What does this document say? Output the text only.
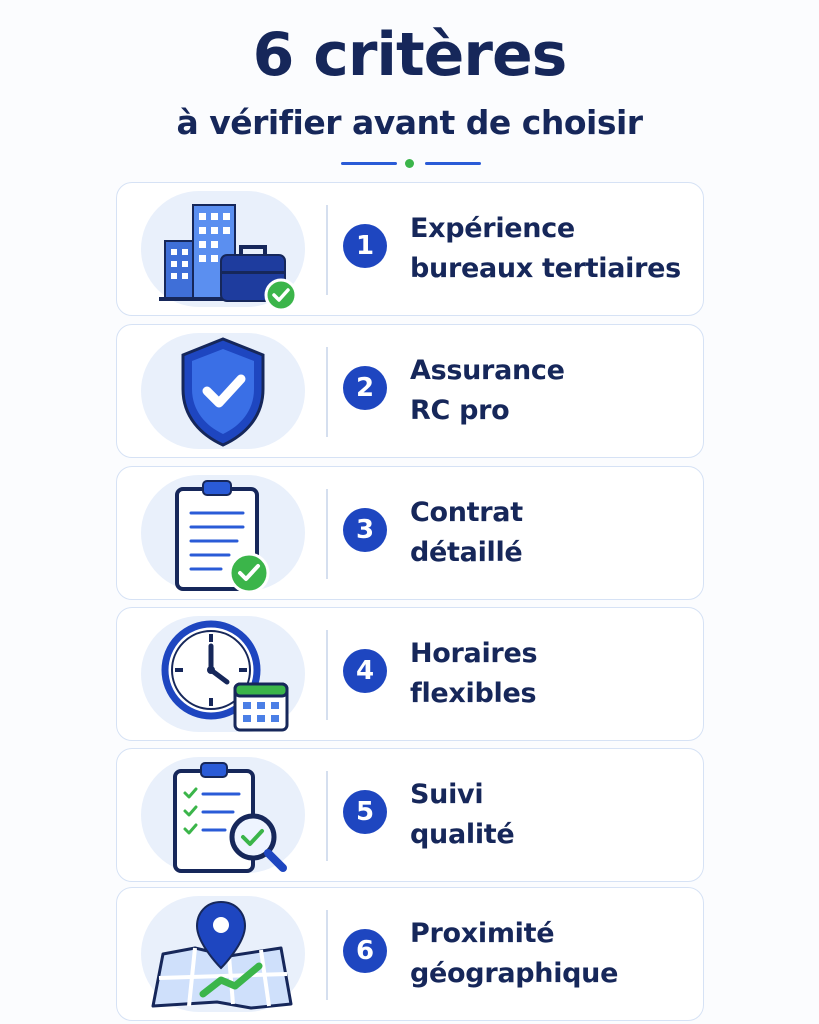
6 critères
à vérifier avant de choisir
1
Expérience
bureaux tertiaires
2
Assurance
RC pro
3
Contrat
détaillé
4
Horaires
flexibles
5
Suivi
qualité
6
Proximité
géographique
